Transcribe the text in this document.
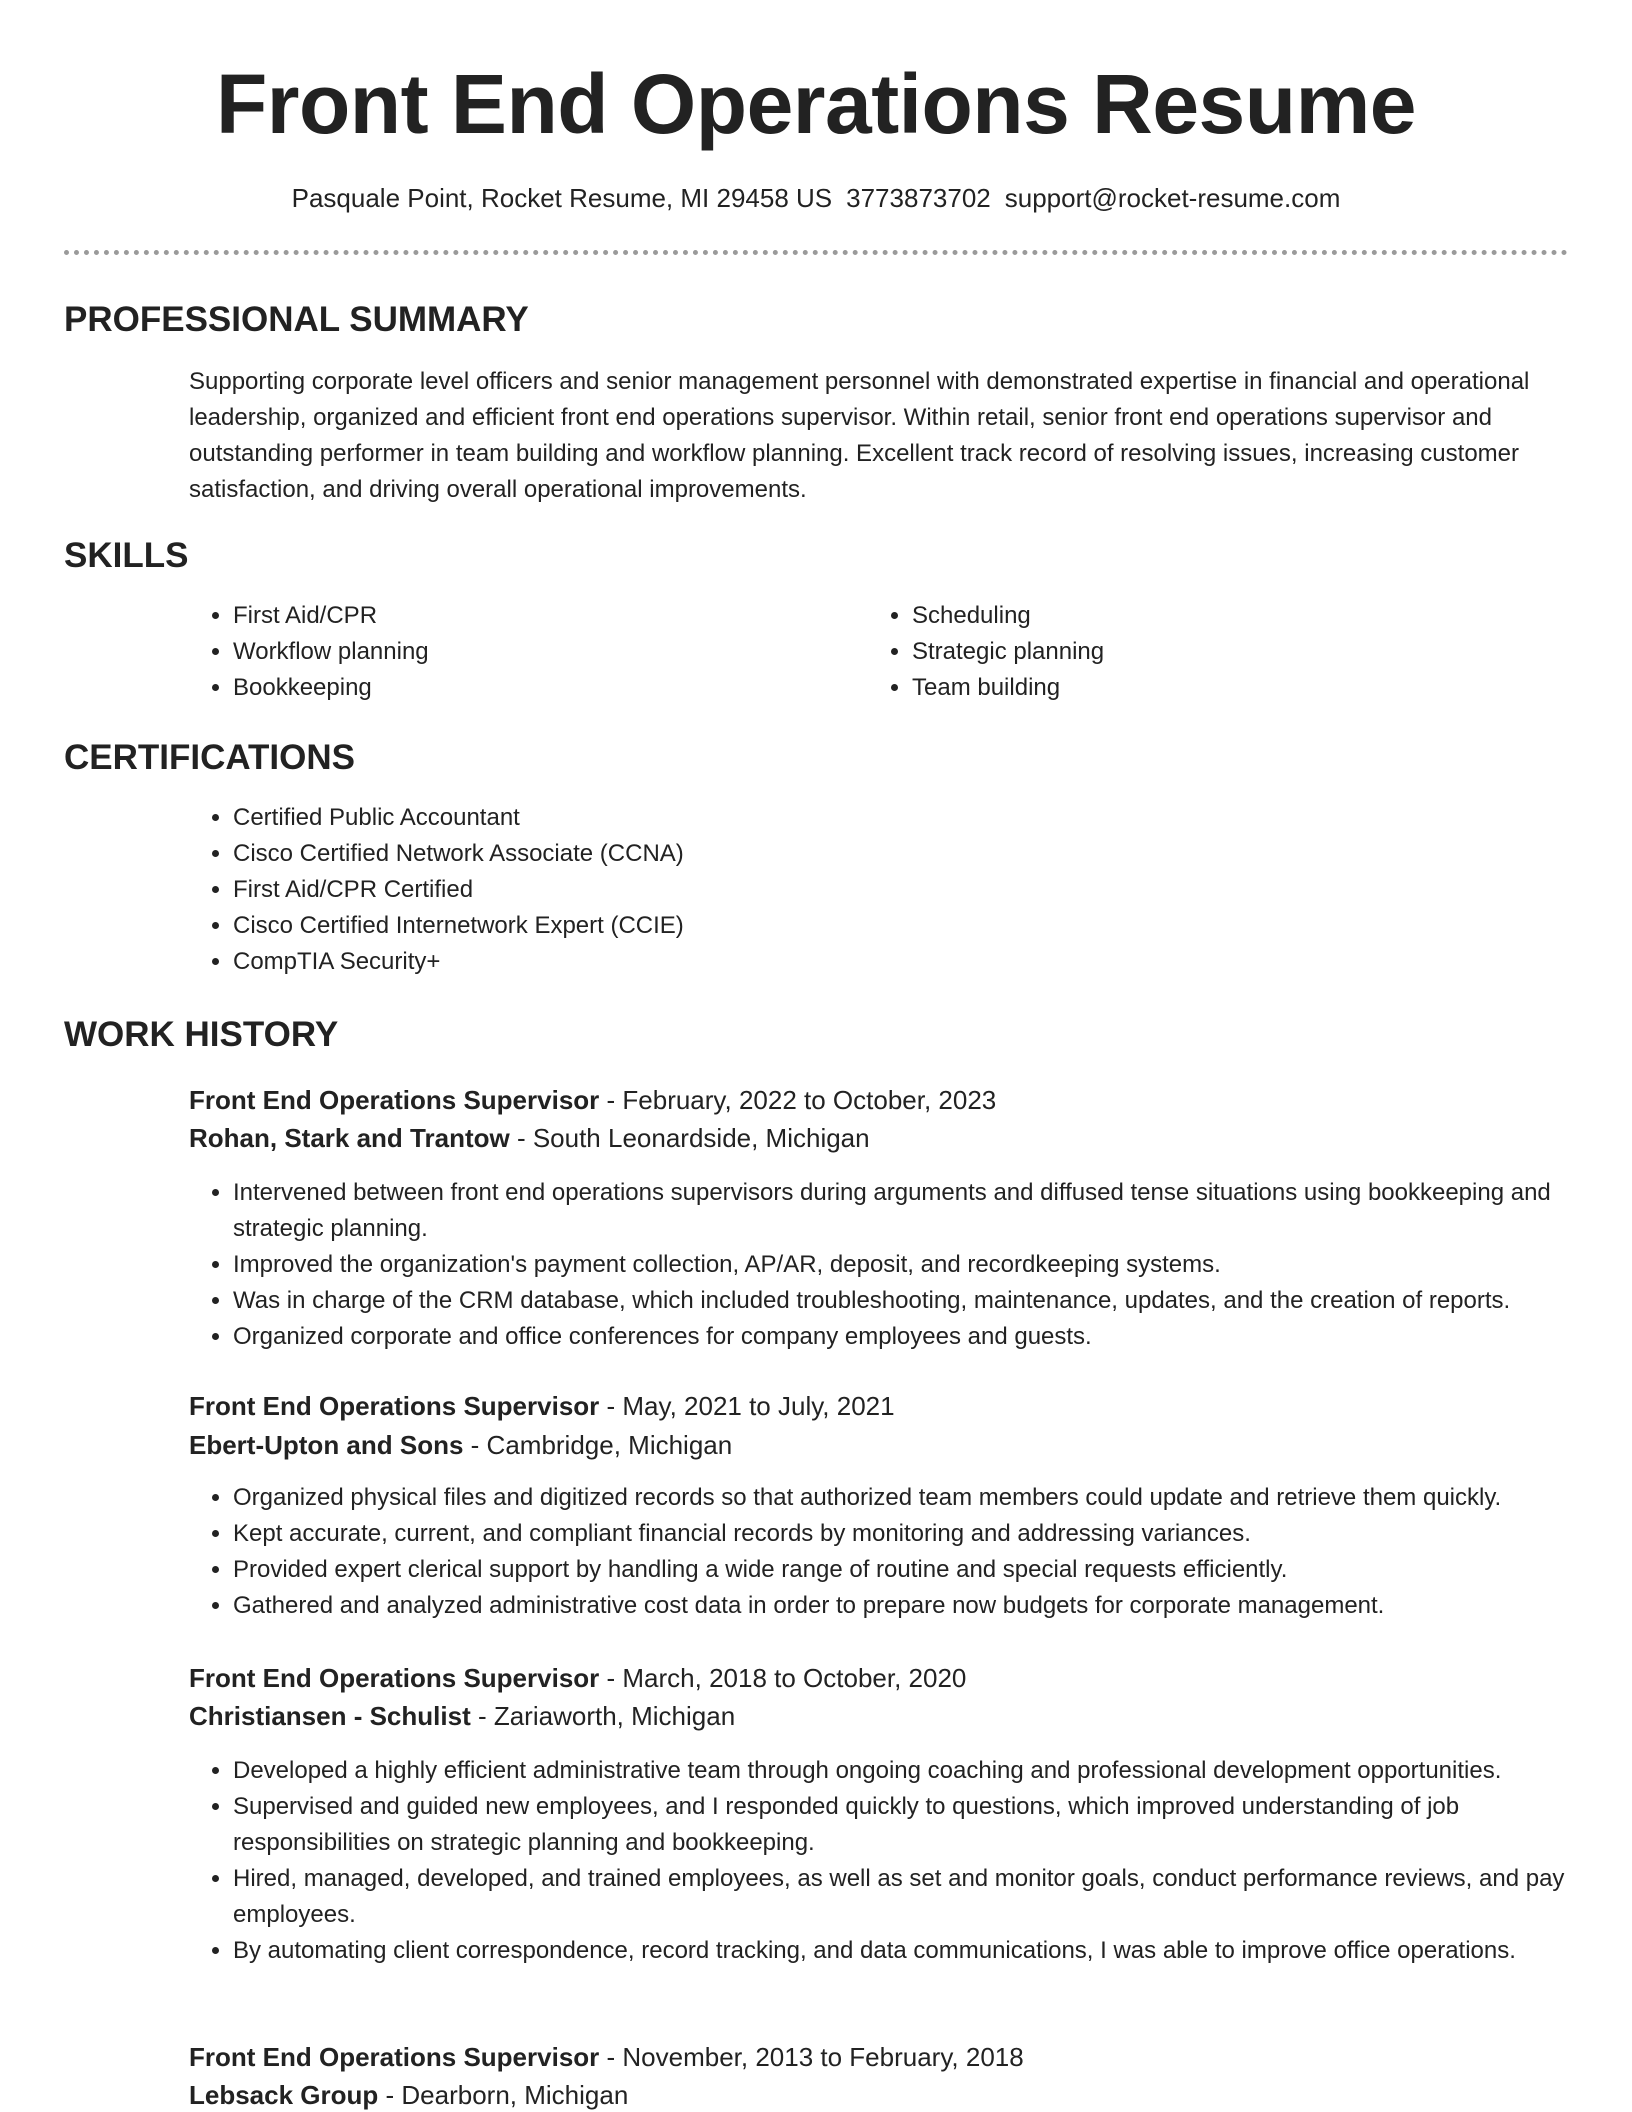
Front End Operations Resume
Pasquale Point, Rocket Resume, MI 29458 US 3773873702 support@rocket-resume.com
PROFESSIONAL SUMMARY

Supporting corporate level officers and senior management personnel with demonstrated expertise in financial and operational leadership, organized and efficient front end operations supervisor. Within retail, senior front end operations supervisor and outstanding performer in team building and workflow planning. Excellent track record of resolving issues, increasing customer satisfaction, and driving overall operational improvements.

SKILLS
• First Aid/CPR
• Workflow planning
• Bookkeeping
• Scheduling
• Strategic planning
• Team building
CERTIFICATIONS
• Certified Public Accountant
• Cisco Certified Network Associate (CCNA)
• First Aid/CPR Certified
• Cisco Certified Internetwork Expert (CCIE)
• CompTIA Security+
WORK HISTORY

Front End Operations Supervisor - February, 2022 to October, 2023

Rohan, Stark and Trantow - South Leonardside, Michigan

• Intervened between front end operations supervisors during arguments and diffused tense situations using bookkeeping and strategic planning.
• Improved the organization's payment collection, AP/AR, deposit, and recordkeeping systems.
• Was in charge of the CRM database, which included troubleshooting, maintenance, updates, and the creation of reports.
• Organized corporate and office conferences for company employees and guests.

Front End Operations Supervisor - May, 2021 to July, 2021

Ebert-Upton and Sons - Cambridge, Michigan

• Organized physical files and digitized records so that authorized team members could update and retrieve them quickly.
• Kept accurate, current, and compliant financial records by monitoring and addressing variances.
• Provided expert clerical support by handling a wide range of routine and special requests efficiently.
• Gathered and analyzed administrative cost data in order to prepare now budgets for corporate management.

Front End Operations Supervisor - March, 2018 to October, 2020

Christiansen - Schulist - Zariaworth, Michigan

• Developed a highly efficient administrative team through ongoing coaching and professional development opportunities.
• Supervised and guided new employees, and I responded quickly to questions, which improved understanding of job responsibilities on strategic planning and bookkeeping.
• Hired, managed, developed, and trained employees, as well as set and monitor goals, conduct performance reviews, and pay employees.
• By automating client correspondence, record tracking, and data communications, I was able to improve office operations.

Front End Operations Supervisor - November, 2013 to February, 2018

Lebsack Group - Dearborn, Michigan
